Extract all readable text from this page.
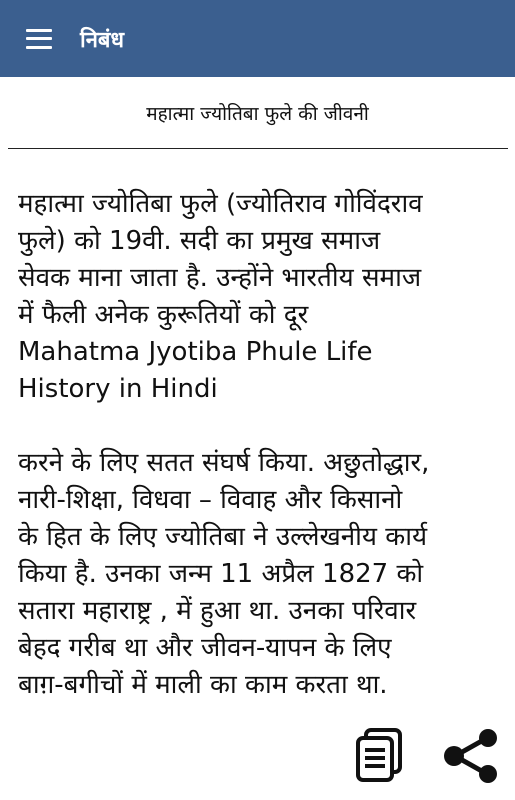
निबंध
महात्मा ज्योतिबा फुले की जीवनी
महात्मा ज्योतिबा फुले (ज्योतिराव गोविंदराव
फुले) को 19वी. सदी का प्रमुख समाज
सेवक माना जाता है. उन्होंने भारतीय समाज
में फैली अनेक कुरूतियों को दूर
Mahatma Jyotiba Phule Life
History in Hindi
करने के लिए सतत संघर्ष किया. अछुतोद्धार,
नारी-शिक्षा, विधवा – विवाह और किसानो
के हित के लिए ज्योतिबा ने उल्लेखनीय कार्य
किया है. उनका जन्म 11 अप्रैल 1827 को
सतारा महाराष्ट्र , में हुआ था. उनका परिवार
बेहद गरीब था और जीवन-यापन के लिए
बाग़-बगीचों में माली का काम करता था.
